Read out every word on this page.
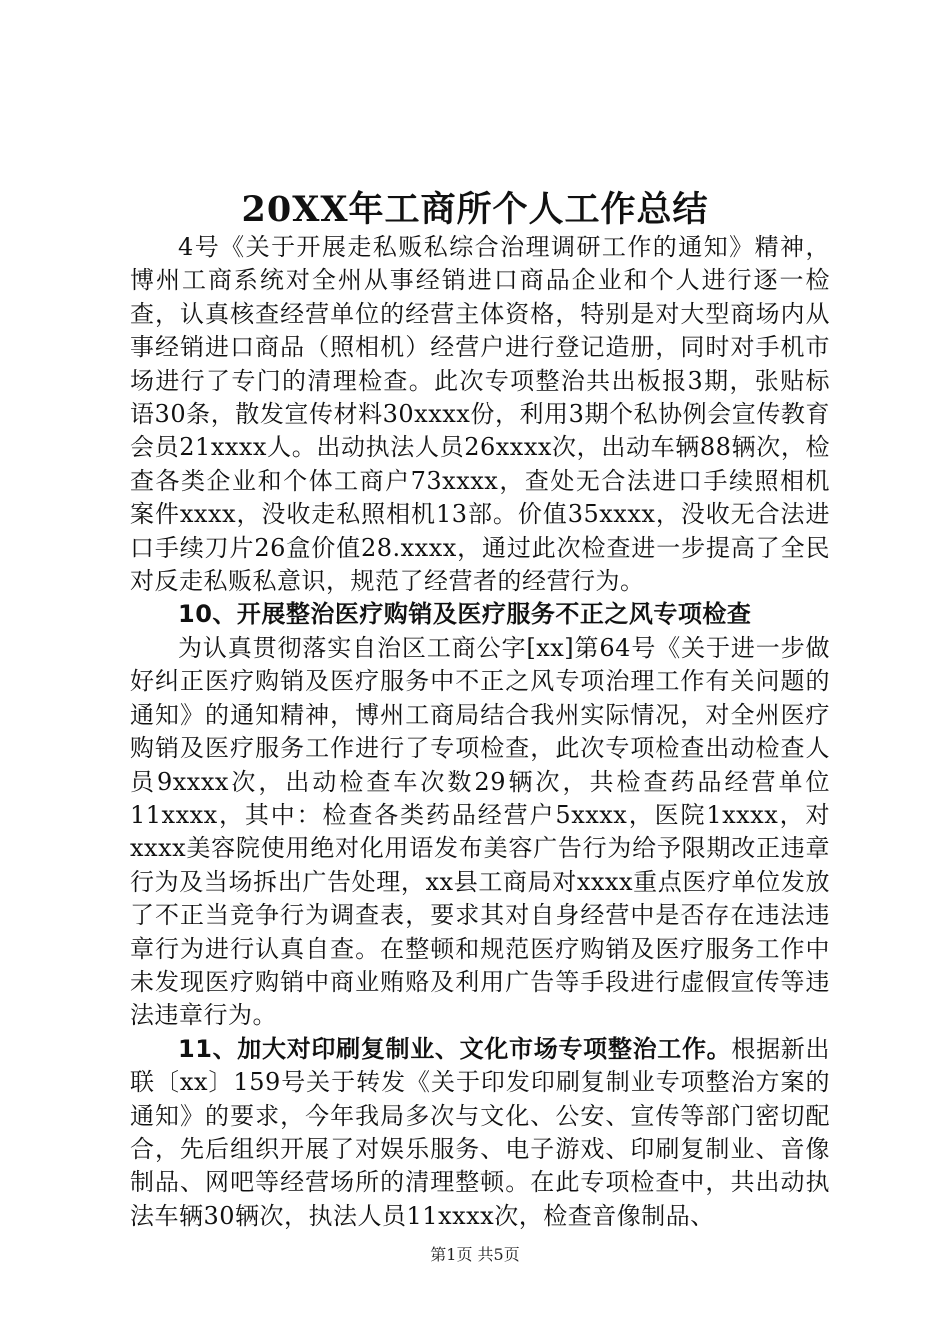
20XX年工商所个人工作总结

4号《关于开展走私贩私综合治理调研工作的通知》精神，博州工商系统对全州从事经销进口商品企业和个人进行逐一检查，认真核查经营单位的经营主体资格，特别是对大型商场内从事经销进口商品（照相机）经营户进行登记造册，同时对手机市场进行了专门的清理检查。此次专项整治共出板报3期，张贴标语30条，散发宣传材料30xxxx份，利用3期个私协例会宣传教育会员21xxxx人。出动执法人员26xxxx次，出动车辆88辆次，检查各类企业和个体工商户73xxxx，查处无合法进口手续照相机案件xxxx，没收走私照相机13部。价值35xxxx，没收无合法进口手续刀片26盒价值28.xxxx，通过此次检查进一步提高了全民对反走私贩私意识，规范了经营者的经营行为。

10、开展整治医疗购销及医疗服务不正之风专项检查

为认真贯彻落实自治区工商公字[xx]第64号《关于进一步做好纠正医疗购销及医疗服务中不正之风专项治理工作有关问题的通知》的通知精神，博州工商局结合我州实际情况，对全州医疗购销及医疗服务工作进行了专项检查，此次专项检查出动检查人员9xxxx次，出动检查车次数29辆次，共检查药品经营单位11xxxx，其中：检查各类药品经营户5xxxx，医院1xxxx，对xxxx美容院使用绝对化用语发布美容广告行为给予限期改正违章行为及当场拆出广告处理，xx县工商局对xxxx重点医疗单位发放了不正当竞争行为调查表，要求其对自身经营中是否存在违法违章行为进行认真自查。在整顿和规范医疗购销及医疗服务工作中未发现医疗购销中商业贿赂及利用广告等手段进行虚假宣传等违法违章行为。

11、加大对印刷复制业、文化市场专项整治工作。根据新出联〔xx〕159号关于转发《关于印发印刷复制业专项整治方案的通知》的要求，今年我局多次与文化、公安、宣传等部门密切配合，先后组织开展了对娱乐服务、电子游戏、印刷复制业、音像制品、网吧等经营场所的清理整顿。在此专项检查中，共出动执法车辆30辆次，执法人员11xxxx次，检查音像制品、

第1页 共5页
